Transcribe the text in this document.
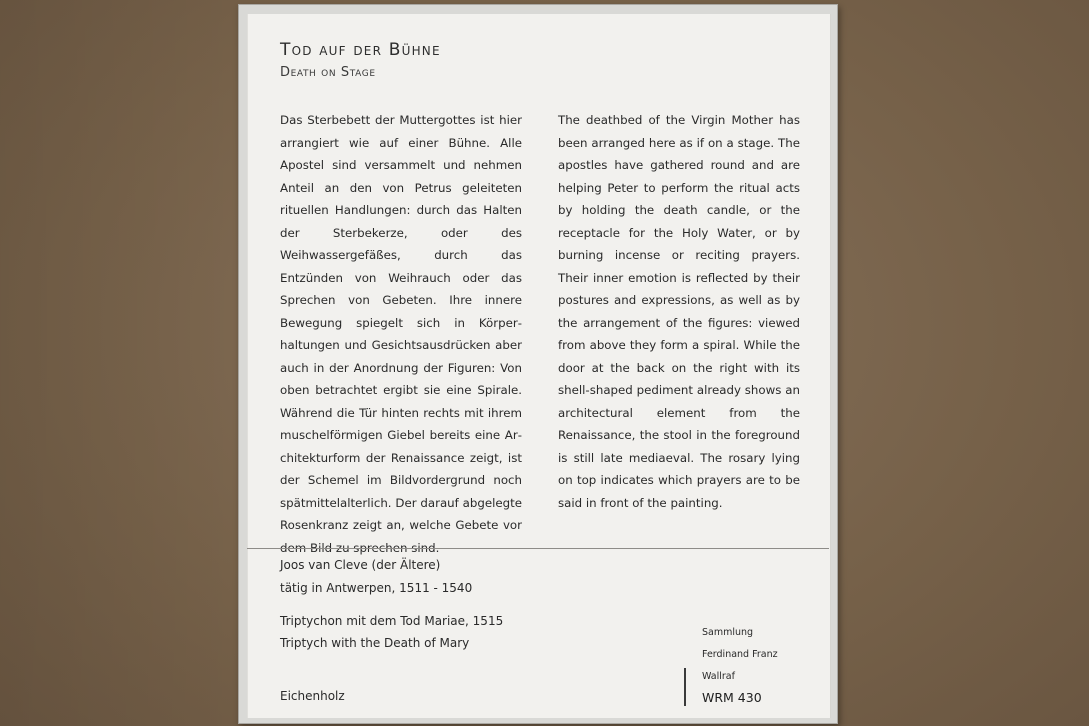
Tod auf der Bühne
Death on Stage
Das Sterbebett der Muttergottes ist hier arrangiert wie auf einer Bühne. Alle Apostel sind versammelt und nehmen Anteil an den von Petrus geleiteten rituellen Handlungen: durch das Halten der Sterbekerze, oder des Weihwassergefäßes, durch das Entzünden von Weihrauch oder das Sprechen von Gebeten. Ihre innere Bewegung spiegelt sich in Körperhaltungen und Gesichtsausdrücken aber auch in der Anordnung der Figuren: Von oben betrachtet ergibt sie eine Spirale. Während die Tür hinten rechts mit ihrem muschelförmigen Giebel bereits eine Architekturform der Renaissance zeigt, ist der Schemel im Bildvordergrund noch spätmittelalterlich. Der darauf abgelegte Rosenkranz zeigt an, welche Gebete vor dem Bild zu sprechen sind.
The deathbed of the Virgin Mother has been arranged here as if on a stage. The apostles have gathered round and are helping Peter to perform the ritual acts by holding the death candle, or the receptacle for the Holy Water, or by burning incense or reciting prayers. Their inner emotion is reflected by their postures and expressions, as well as by the arrangement of the figures: viewed from above they form a spiral. While the door at the back on the right with its shell-shaped pediment already shows an architectural element from the Renaissance, the stool in the foreground is still late mediaeval. The rosary lying on top indicates which prayers are to be said in front of the painting.
Joos van Cleve (der Ältere)
tätig in Antwerpen, 1511 - 1540
Triptychon mit dem Tod Mariae, 1515
Triptych with the Death of Mary
Eichenholz
Sammlung
Ferdinand Franz
Wallraf
WRM 430
